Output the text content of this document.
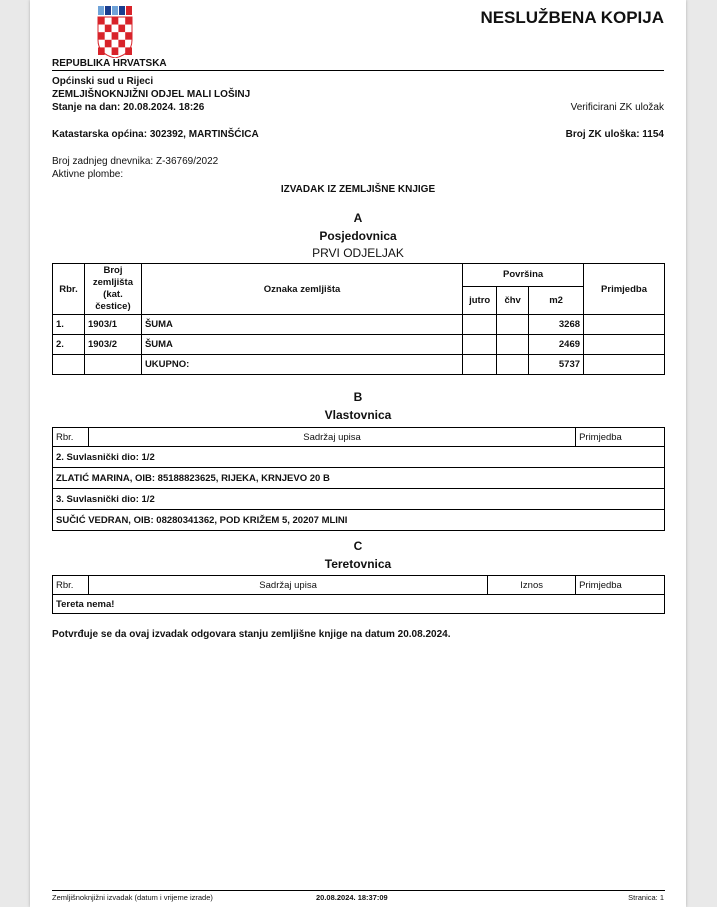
NESLUŽBENA KOPIJA
REPUBLIKA HRVATSKA
Općinski sud u Rijeci
ZEMLJIŠNOKNJIŽNI ODJEL MALI LOŠINJ
Stanje na dan: 20.08.2024. 18:26	Verificirani ZK uložak
Katastarska općina: 302392, MARTINŠĆICA	Broj ZK uloška: 1154
Broj zadnjeg dnevnika: Z-36769/2022
Aktivne plombe:
IZVADAK IZ ZEMLJIŠNE KNJIGE
A
Posjedovnica
PRVI ODJELJAK
Rbr.	Broj zemljišta (kat. čestice)	Oznaka zemljišta	Površina			Primjedba
			jutro	čhv	m2	
1.	1903/1	ŠUMA			3268	
2.	1903/2	ŠUMA			2469	
		UKUPNO:			5737	
B
Vlastovnica
Rbr.	Sadržaj upisa	Primjedba
2. Suvlasnički dio: 1/2
ZLATIĆ MARINA, OIB: 85188823625, RIJEKA, KRNJEVO 20 B
3. Suvlasnički dio: 1/2
SUČIĆ VEDRAN, OIB: 08280341362, POD KRIŽEM 5, 20207 MLINI
C
Teretovnica
Rbr.	Sadržaj upisa	Iznos	Primjedba
Tereta nema!
Potvrđuje se da ovaj izvadak odgovara stanju zemljišne knjige na datum 20.08.2024.
Zemljišnoknjižni izvadak (datum i vrijeme izrade)	20.08.2024. 18:37:09	Stranica: 1
